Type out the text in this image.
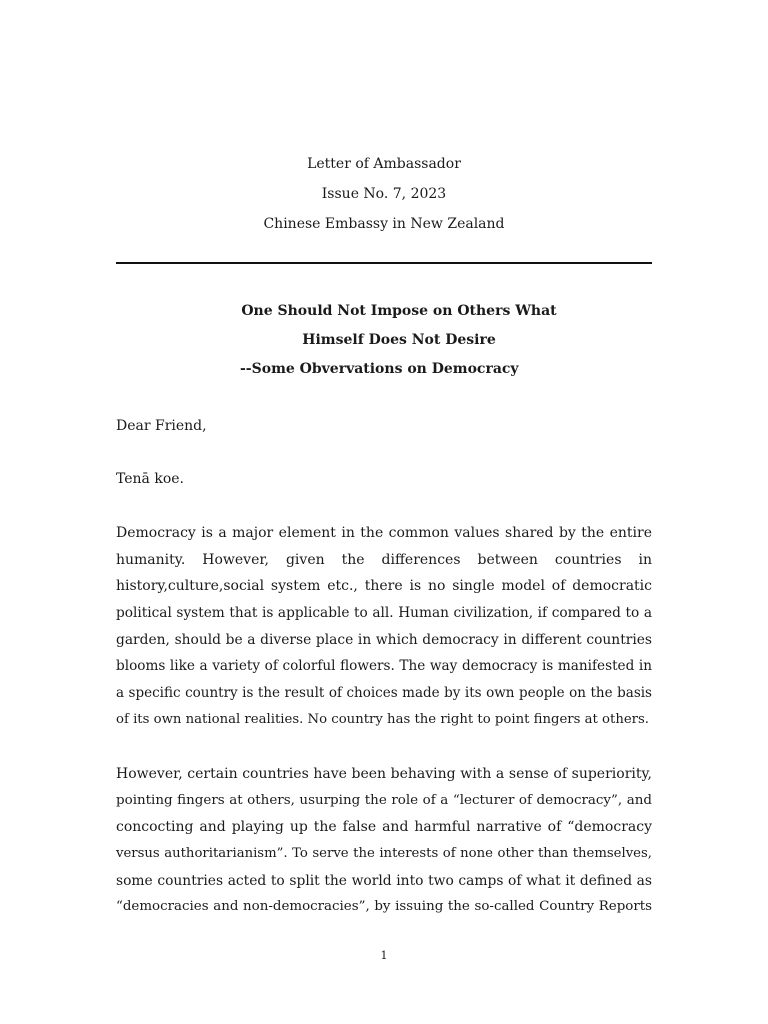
Letter of Ambassador
Issue No. 7, 2023
Chinese Embassy in New Zealand
One Should Not Impose on Others What
Himself Does Not Desire
--Some Obvervations on Democracy
Dear Friend,
Tenā koe.
Democracy is a major element in the common values shared by the entire
humanity. However, given the differences between countries in
history,culture,social system etc., there is no single model of democratic
political system that is applicable to all. Human civilization, if compared to a
garden, should be a diverse place in which democracy in different countries
blooms like a variety of colorful flowers. The way democracy is manifested in
a specific country is the result of choices made by its own people on the basis
of its own national realities. No country has the right to point fingers at others.
However, certain countries have been behaving with a sense of superiority,
pointing fingers at others, usurping the role of a “lecturer of democracy”, and
concocting and playing up the false and harmful narrative of “democracy
versus authoritarianism”. To serve the interests of none other than themselves,
some countries acted to split the world into two camps of what it defined as
“democracies and non-democracies”, by issuing the so-called Country Reports
1
